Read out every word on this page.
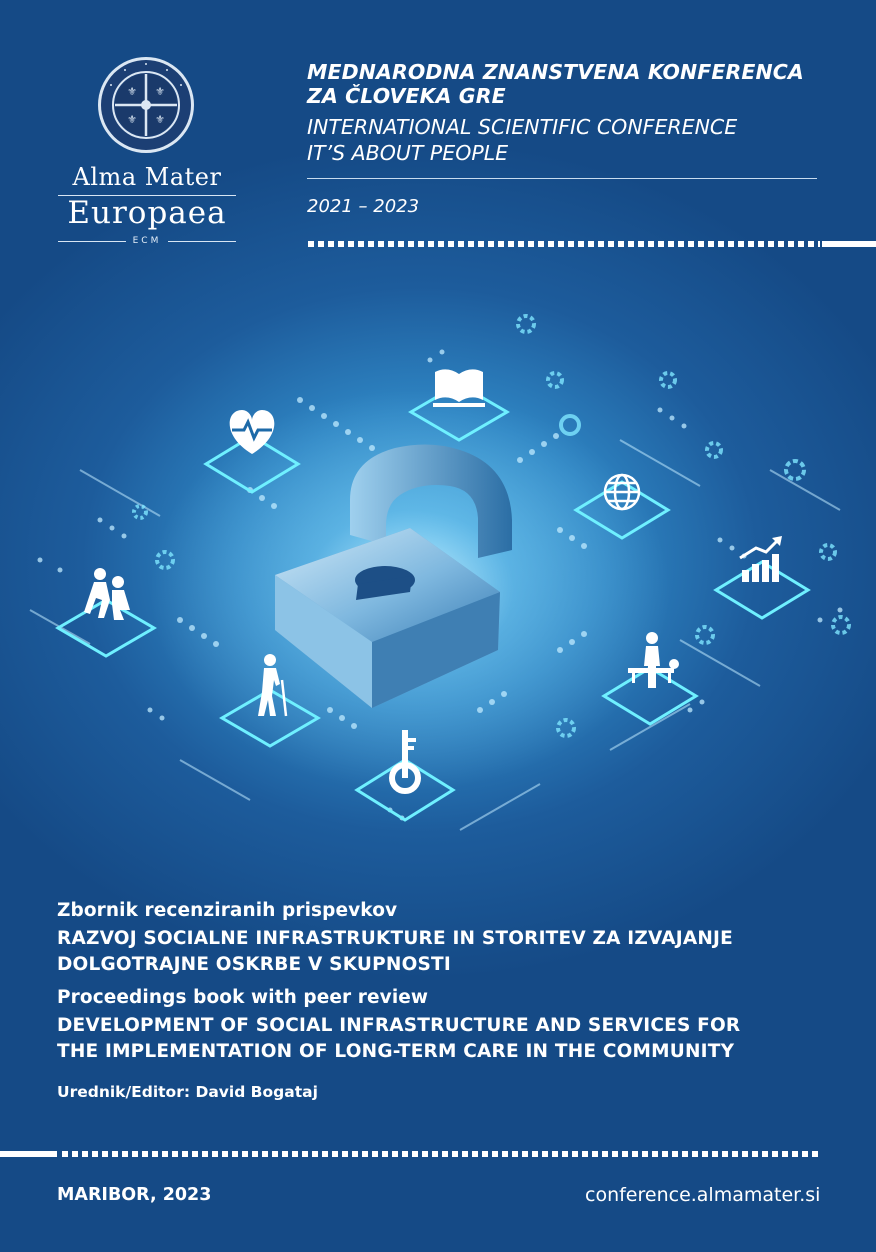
⚜ ⚜
⚜ ⚜
Alma Mater
Europaea
ECM
MEDNARODNA ZNANSTVENA KONFERENCA
ZA ČLOVEKA GRE
INTERNATIONAL SCIENTIFIC CONFERENCE
IT’S ABOUT PEOPLE
2021 – 2023
Zbornik recenziranih prispevkov
RAZVOJ SOCIALNE INFRASTRUKTURE IN STORITEV ZA IZVAJANJE
DOLGOTRAJNE OSKRBE V SKUPNOSTI
Proceedings book with peer review
DEVELOPMENT OF SOCIAL INFRASTRUCTURE AND SERVICES FOR
THE IMPLEMENTATION OF LONG-TERM CARE IN THE COMMUNITY
Urednik/Editor: David Bogataj
MARIBOR, 2023	conference.almamater.si
